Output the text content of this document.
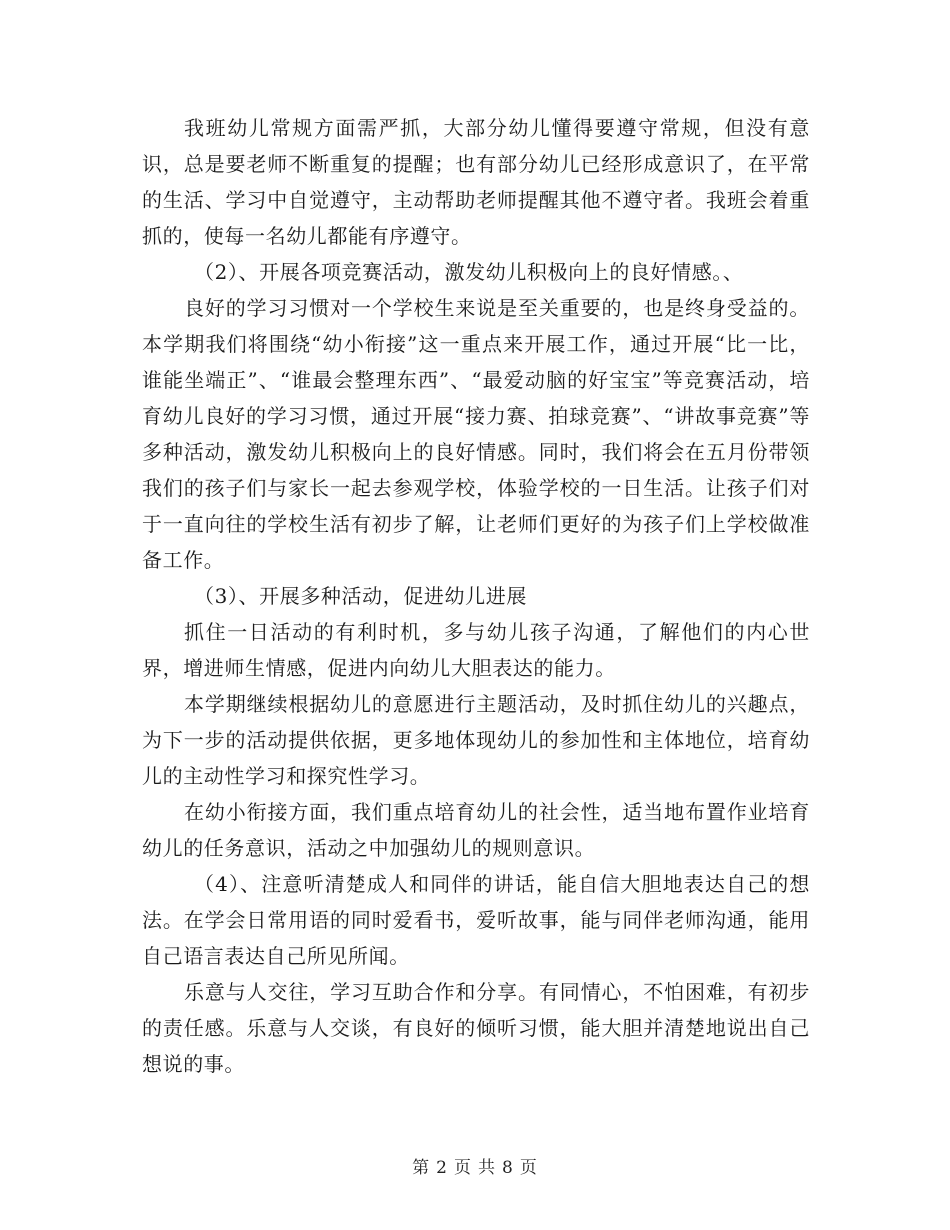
我班幼儿常规方面需严抓，大部分幼儿懂得要遵守常规，但没有意识，总是要老师不断重复的提醒；也有部分幼儿已经形成意识了，在平常的生活、学习中自觉遵守，主动帮助老师提醒其他不遵守者。我班会着重抓的，使每一名幼儿都能有序遵守。

（2）、开展各项竞赛活动，激发幼儿积极向上的良好情感。、

良好的学习习惯对一个学校生来说是至关重要的，也是终身受益的。本学期我们将围绕“幼小衔接”这一重点来开展工作，通过开展“比一比，谁能坐端正”、“谁最会整理东西”、“最爱动脑的好宝宝”等竞赛活动，培育幼儿良好的学习习惯，通过开展“接力赛、拍球竞赛”、“讲故事竞赛”等多种活动，激发幼儿积极向上的良好情感。同时，我们将会在五月份带领我们的孩子们与家长一起去参观学校，体验学校的一日生活。让孩子们对于一直向往的学校生活有初步了解，让老师们更好的为孩子们上学校做准备工作。

（3）、开展多种活动，促进幼儿进展

抓住一日活动的有利时机，多与幼儿孩子沟通，了解他们的内心世界，增进师生情感，促进内向幼儿大胆表达的能力。

本学期继续根据幼儿的意愿进行主题活动，及时抓住幼儿的兴趣点，为下一步的活动提供依据，更多地体现幼儿的参加性和主体地位，培育幼儿的主动性学习和探究性学习。

在幼小衔接方面，我们重点培育幼儿的社会性，适当地布置作业培育幼儿的任务意识，活动之中加强幼儿的规则意识。

（4）、注意听清楚成人和同伴的讲话，能自信大胆地表达自己的想法。在学会日常用语的同时爱看书，爱听故事，能与同伴老师沟通，能用自己语言表达自己所见所闻。

乐意与人交往，学习互助合作和分享。有同情心，不怕困难，有初步的责任感。乐意与人交谈，有良好的倾听习惯，能大胆并清楚地说出自己想说的事。

第 2 页 共 8 页
